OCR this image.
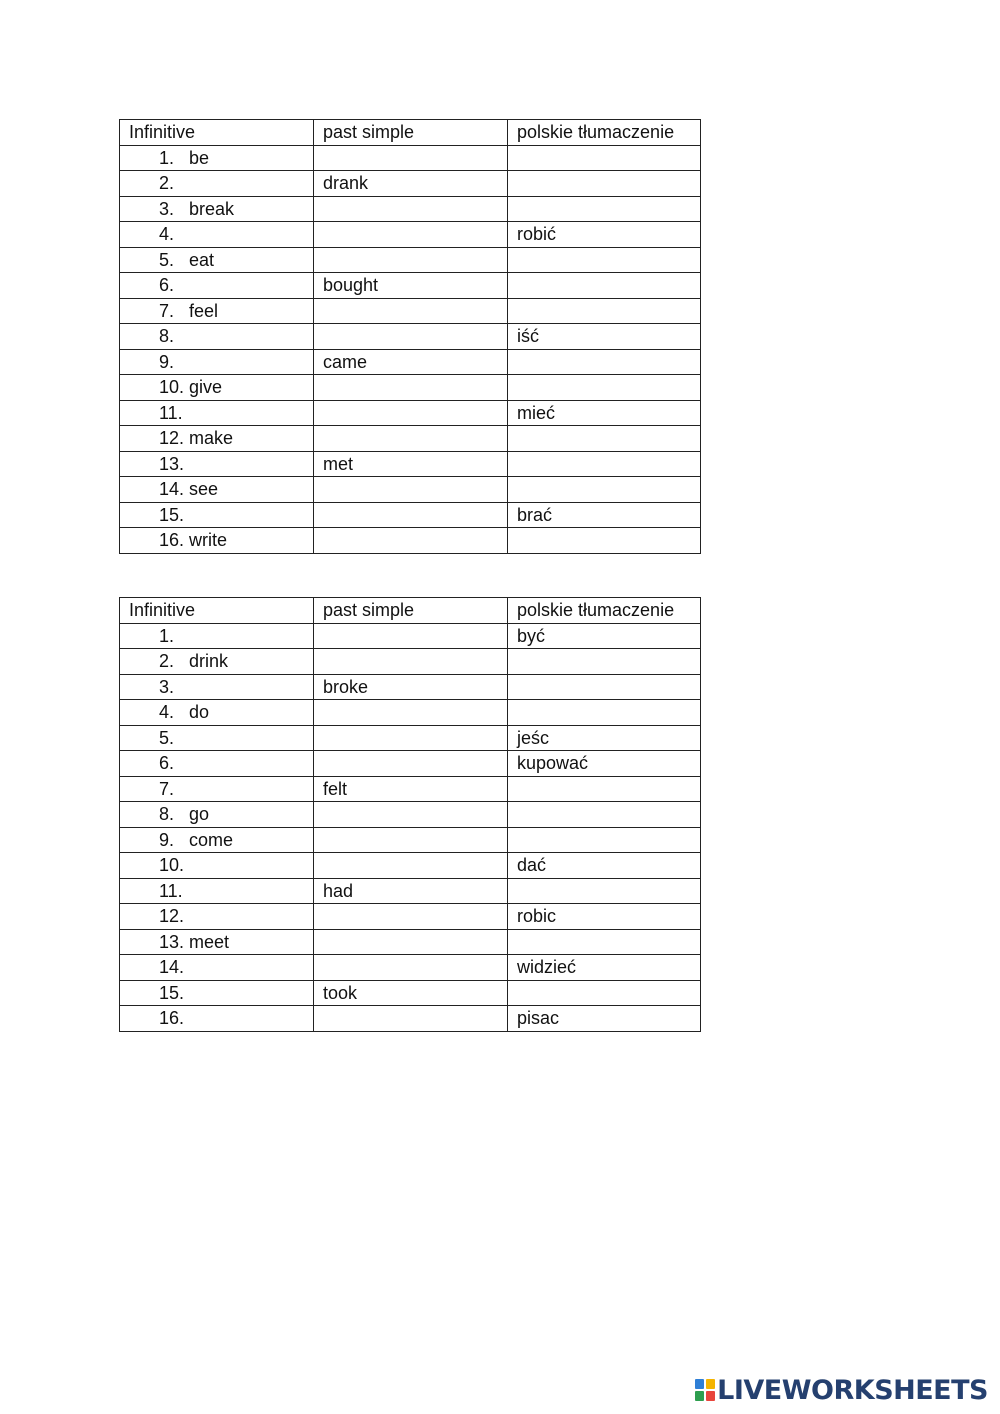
Infinitive	past simple	polskie tłumaczenie
1. be		
2.	drank	
3. break		
4.		robić
5. eat		
6.	bought	
7. feel		
8.		iść
9.	came	
10. give		
11.		mieć
12. make		
13.	met	
14. see		
15.		brać
16. write		
Infinitive	past simple	polskie tłumaczenie
1.		być
2. drink		
3.	broke	
4. do		
5.		jeśc
6.		kupować
7.	felt	
8. go		
9. come		
10.		dać
11.	had	
12.		robic
13. meet		
14.		widzieć
15.	took	
16.		pisac
LIVEWORKSHEETS
